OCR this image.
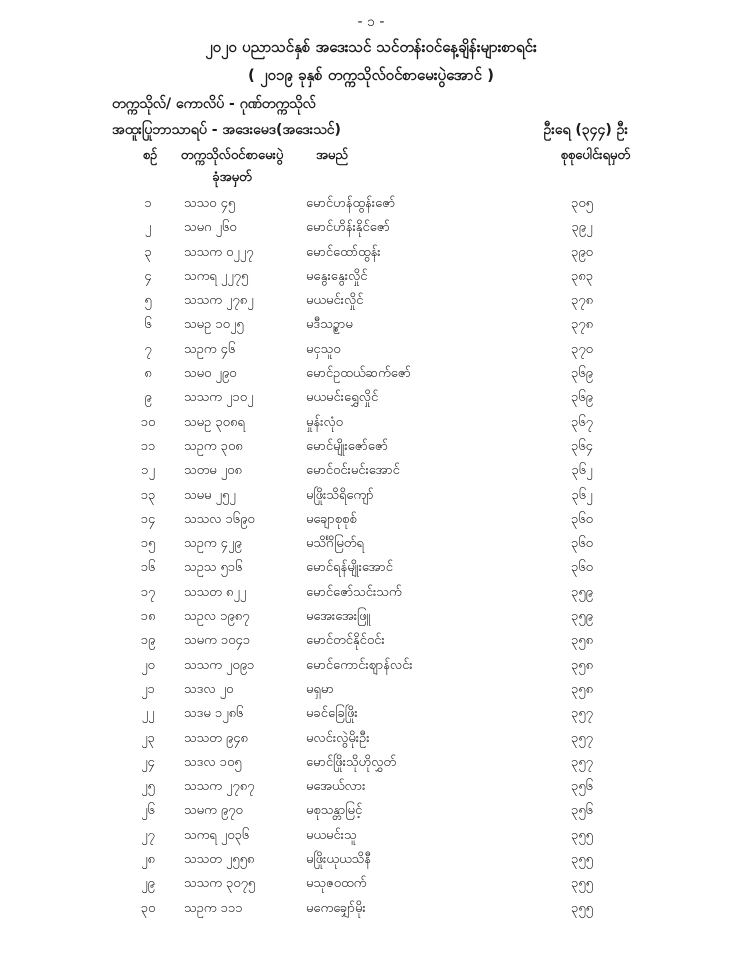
- ၁ -
၂၀၂၀ ပညာသင်နှစ် အဒေးသင် သင်တန်းဝင်နေ့ချိန်းများစာရင်း
( ၂၀၁၉ ခုနှစ် တက္ကသိုလ်ဝင်စာမေးပွဲအောင် )
တက္ကသိုလ်/ ကောလိပ် - ဂုဏ်တက္ကသိုလ်
အထူးပြုဘာသာရပ် - အဒေးမေဒ(အဒေးသင်)	ဦးရေ (၃၄၄) ဦး
စဉ်	တက္ကသိုလ်ဝင်စာမေးပွဲ
ခုံအမှတ်
အမည်	စုစုပေါင်းရမှတ်
၁	သသဝ ၄၅	မောင်ဟန်ထွန်းဇော်	၃၀၅
၂	သမဂ ၂၆၀	မောင်ဟိန်းနိုင်ဇော်	၃၉၂
၃	သသက ၀၂၂၇	မောင်ထော်ထွန်း	၃၉၀
၄	သကရ ၂၂၇၅	မနွေးနွေးလှိုင်	၃၈၃
၅	သသက ၂၇၈၂	မယမင်းလှိုင်	၃၇၈
၆	သမဥ ၁၀၂၅	မဒီသဉ္စာမ	၃၇၈
၇	သဥက ၄၆	မငှသူဝ	၃၇၀
၈	သမဝ ၂၉၀	မောင်ဥထယ်ဆက်ဇော်	၃၆၉
၉	သသက ၂၁၀၂	မယမင်းရွှေလှိုင်	၃၆၉
၁၀	သမဥ ၃၀၈ရ	မှုန်းလုံဝ	၃၆၇
၁၁	သဥက ၃၀၈	မောင်မျိုးဇော်ဇော်	၃၆၄
၁၂	သတမ ၂၀၈	မောင်ဝင်းမင်းအောင်	၃၆၂
၁၃	သမမ ၂၅၂	မဖြိုးသိရိကျော်	၃၆၂
၁၄	သသလ ၁၆၉၀	မချောစုစုစ်	၃၆၀
၁၅	သဥက ၄၂၉	မသိင်္ဂိမြတ်ရ	၃၆၀
၁၆	သဥသ ၅၁၆	မောင်ရန်မျိုးအောင်	၃၆၀
၁၇	သသတ ၈၂၂	မောင်ဇော်သင်းသက်	၃၅၉
၁၈	သဥလ ၁၉၈၇	မအေးအေးဖြူ	၃၅၉
၁၉	သမက ၁၀၄၁	မောင်တင်နိုင်ဝင်း	၃၅၈
၂၀	သသက ၂၀၉၁	မောင်ကောင်းဈာန်လင်း	၃၅၈
၂၁	သဒလ ၂၀	မရှမာ	၃၅၈
၂၂	သဒမ ၁၂၈၆	မခင်ခြေဖြိုး	၃၅၇
၂၃	သသတ ၉၄၈	မလင်းလွဲမိုးဦး	၃၅၇
၂၄	သဒလ ၁၀၅	မောင်ဖြိုးသိုဟိုလွှတ်	၃၅၇
၂၅	သသက ၂၇၈၇	မအေယ်လား	၃၅၆
၂၆	သမက ၉၇၀	မစုသန္တာမြင့်	၃၅၆
၂၇	သကရ ၂၀၃၆	မယမင်းသူ	၃၅၅
၂၈	သသတ ၂၅၅၈	မဖြိုးယုယသိနီ	၃၅၅
၂၉	သသက ၃၀၇၅	မသုဇဝထက်	၃၅၅
၃၀	သဥက ၁၁၁	မကေချှော်မိုး	၃၅၅
